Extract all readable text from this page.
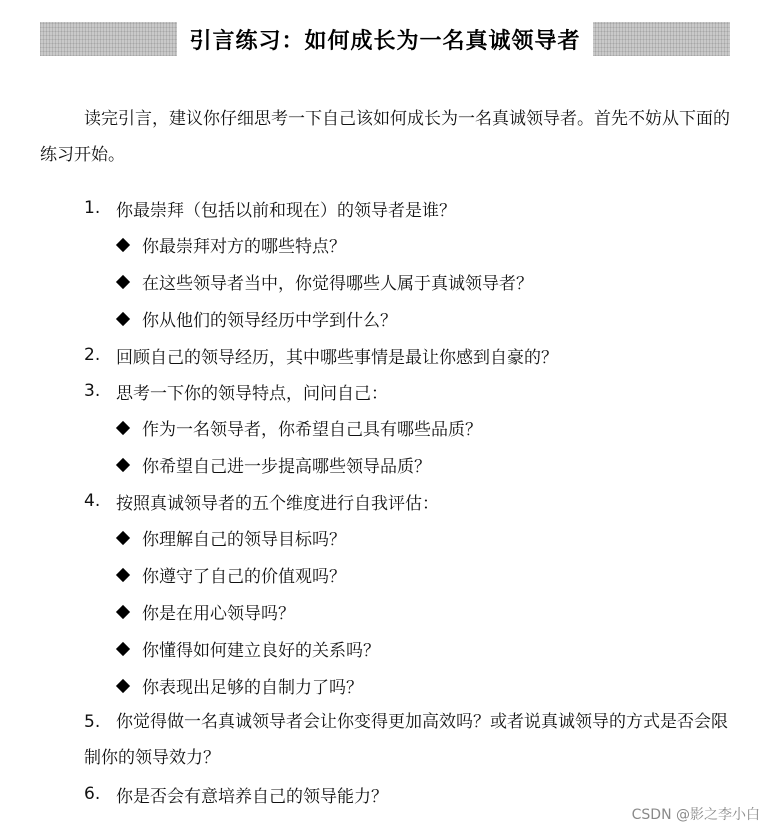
引言练习：如何成长为一名真诚领导者

读完引言，建议你仔细思考一下自己该如何成长为一名真诚领导者。首先不妨从下面的练习开始。

1. 你最崇拜（包括以前和现在）的领导者是谁？
你最崇拜对方的哪些特点？
在这些领导者当中，你觉得哪些人属于真诚领导者？
你从他们的领导经历中学到什么？
2. 回顾自己的领导经历，其中哪些事情是最让你感到自豪的？
3. 思考一下你的领导特点，问问自己：
作为一名领导者，你希望自己具有哪些品质？
你希望自己进一步提高哪些领导品质？
4. 按照真诚领导者的五个维度进行自我评估：
你理解自己的领导目标吗？
你遵守了自己的价值观吗？
你是在用心领导吗？
你懂得如何建立良好的关系吗？
你表现出足够的自制力了吗？
5. 你觉得做一名真诚领导者会让你变得更加高效吗？或者说真诚领导的方式是否会限制你的领导效力？
6. 你是否会有意培养自己的领导能力？
CSDN @影之李小白
